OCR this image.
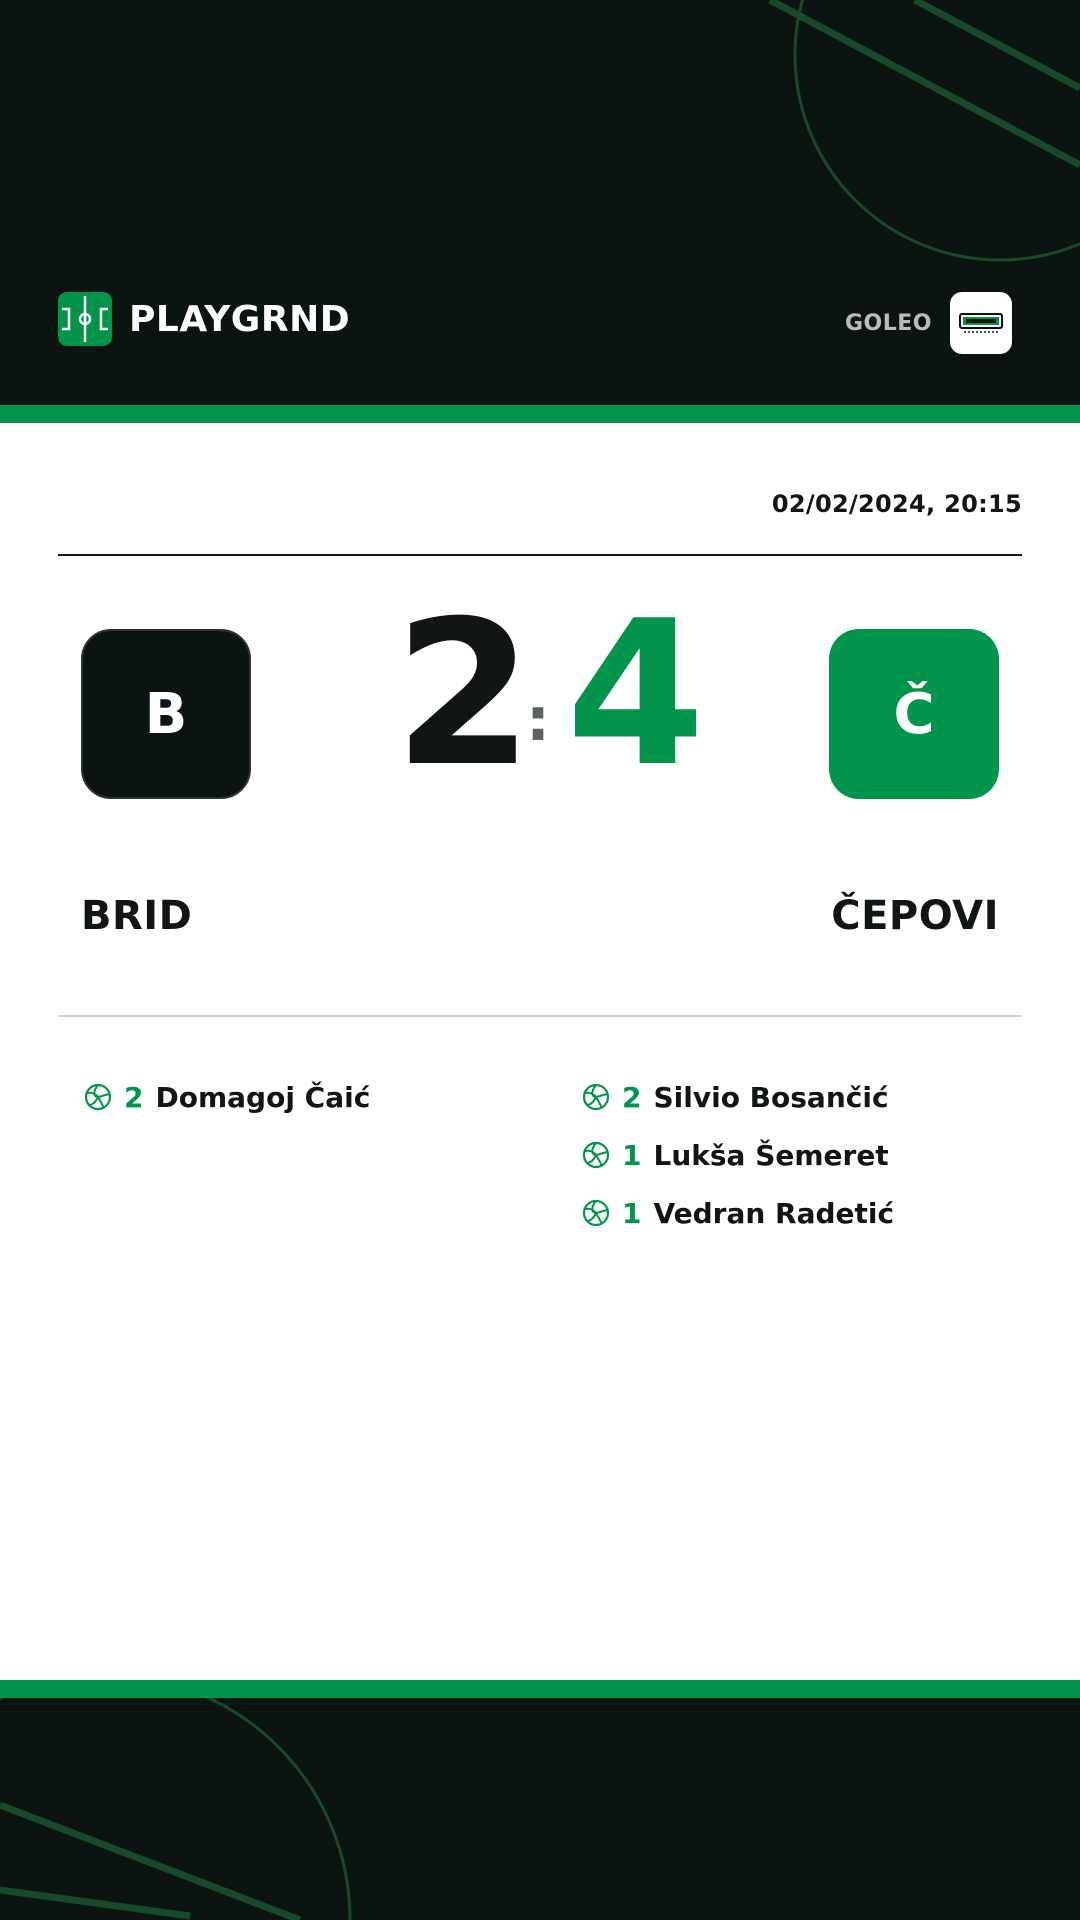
PLAYGRND	GOLEO
02/02/2024, 20:15
B 2
: 4	Č
BRID	ČEPOVI
2 Domagoj Čaić	2 Silvio Bosančić
1 Lukša Šemeret
1 Vedran Radetić
